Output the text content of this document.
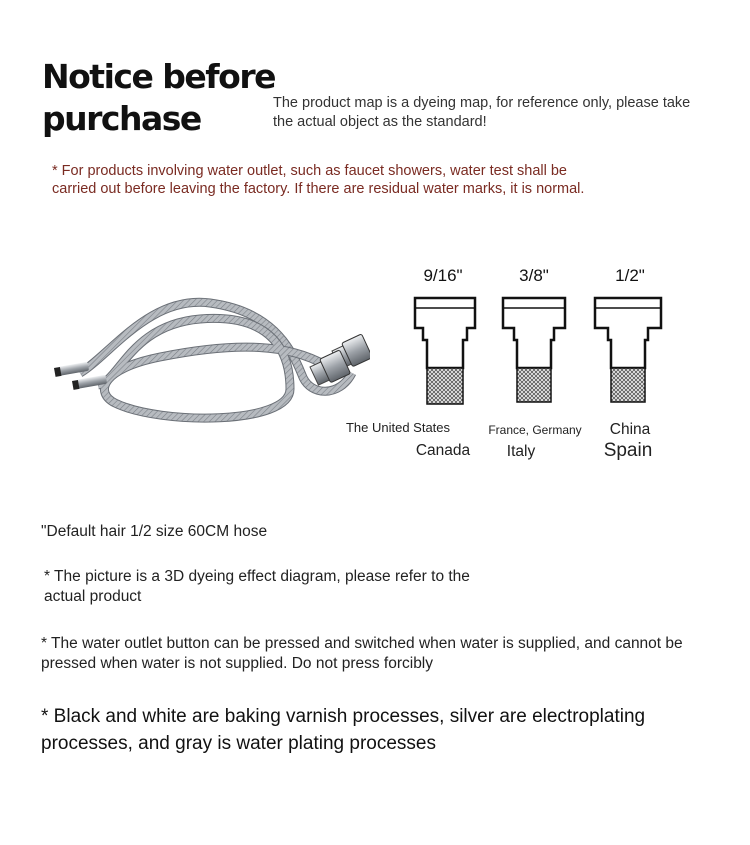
Notice before purchase	The product map is a dyeing map, for reference only, please take the actual object as the standard!
* For products involving water outlet, such as faucet showers, water test shall be carried out before leaving the factory. If there are residual water marks, it is normal.
9/16"
The United States
Canada
3/8"
France, Germany
Italy
1/2"
China
Spain
"Default hair 1/2 size 60CM hose
* The picture is a 3D dyeing effect diagram, please refer to the actual product
* The water outlet button can be pressed and switched when water is supplied, and cannot be pressed when water is not supplied. Do not press forcibly
* Black and white are baking varnish processes, silver are electroplating processes, and gray is water plating processes
